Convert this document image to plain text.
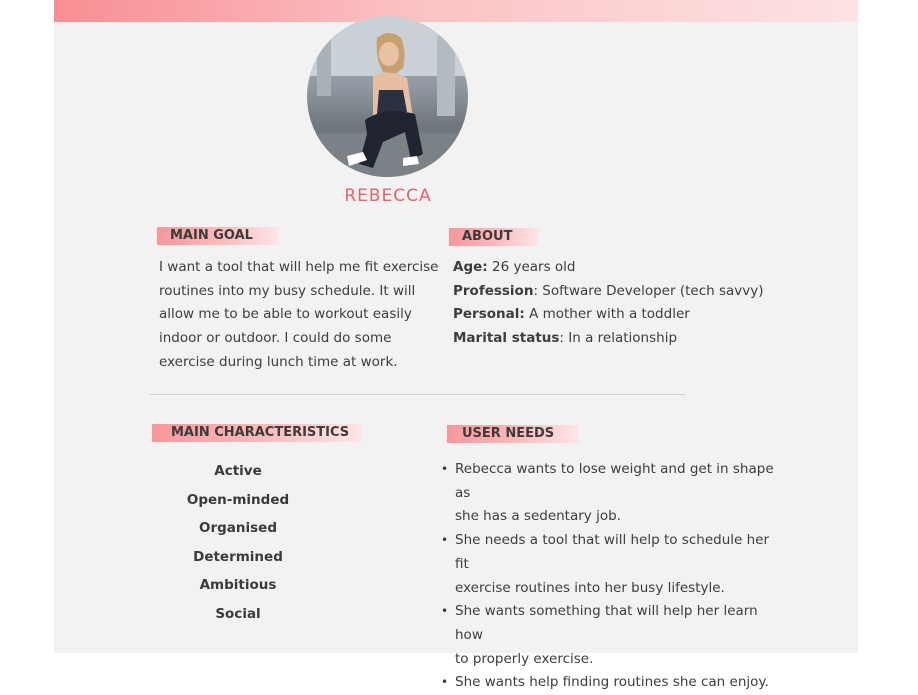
REBECCA
MAIN GOAL
I want a tool that will help me fit exercise
routines into my busy schedule. It will
allow me to be able to workout easily
indoor or outdoor. I could do some
exercise during lunch time at work.
ABOUT
Age: 26 years old
Profession: Software Developer (tech savvy)
Personal: A mother with a toddler
Marital status: In a relationship
MAIN CHARACTERISTICS
Active
Open-minded
Organised
Determined
Ambitious
Social
USER NEEDS
• Rebecca wants to lose weight and get in shape as
she has a sedentary job.
• She needs a tool that will help to schedule her fit
exercise routines into her busy lifestyle.
• She wants something that will help her learn how
to properly exercise.
• She wants help finding routines she can enjoy.
